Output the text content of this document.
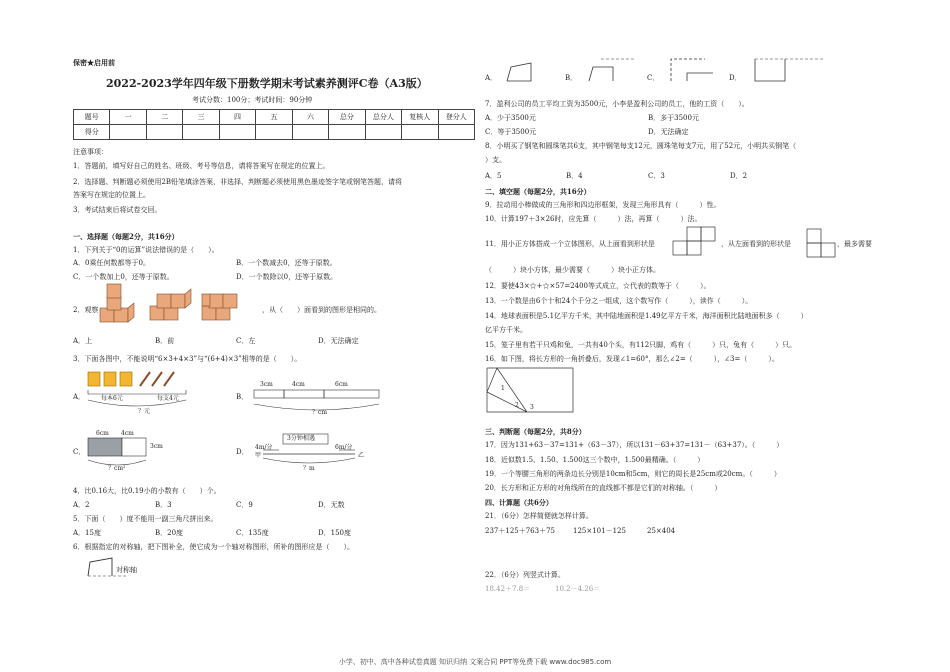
保密★启用前
2022-2023学年四年级下册数学期末考试素养测评C卷（A3版）
考试分数：100分；考试时间：90分钟
题号	一	二	三	四	五	六	总分	总分人	复核人	登分人
得分										
注意事项：
1．答题前，填写好自己的姓名、班级、考号等信息，请将答案写在规定的位置上。
2．选择题、判断题必须使用2B铅笔填涂答案，非选择、判断题必须使用黑色墨迹签字笔或钢笔答题，请将
答案写在规定的位置上。
3．考试结束后将试卷交回。
一、选择题（每题2分，共16分）
1．下列关于“0的运算”说法错误的是（　　）。
A．0乘任何数都等于0。	B．一个数减去0，还等于原数。
C．一个数加上0，还等于原数。	D．一个数除以0，还等于原数。
2．观察	，从（　　）面看到的图形是相同的。
A．上	B．前	C．左	D．无法确定
3．下面各图中，不能说明“6×3+4×3”与“(6+4)×3”相等的是（　　）。
A．	每本6元	每支4元
？元
B．
3cm	4cm	6cm
？cm
C．
6cm 4cm
3cm
？cm²
D．
3分钟相遇
4m/分	6m/分
甲	乙
？m
4．比0.16大，比0.19小的小数有（　　）个。
A．2	B．3	C．9	D．无数
5．下面（　　）度不能用一副三角尺拼出来。
A．15度	B．20度	C．135度	D．150度
6．根据指定的对称轴，把下图补全，使它成为一个轴对称图形，所补的图形应是（　　）。
对称轴
A．	B．	C．	D．
7．盈利公司的员工平均工资为3500元，小李是盈利公司的员工，他的工资（　　）。
A．少于3500元	B．多于3500元
C．等于3500元	D．无法确定
8．小明买了钢笔和圆珠笔共6支，其中钢笔每支12元，圆珠笔每支7元，用了52元，小明共买钢笔（
）支。
A．5	B．4	C．3	D．2
二、填空题（每题2分，共16分）
9．拉动用小棒做成的三角形和四边形框架，发现三角形具有（　　　）性。
10．计算197＋3×26时，应先算（　　　）法，再算（　　　）法。
11．用小正方体搭成一个立体图形，从上面看到形状是	，从左面看到的形状是	，最多需要
（　　　）块小方体，最少需要（　　　）块小正方体。
12．要使43×☆+☆×57=2400等式成立，☆代表的数等于（　　　）。
13．一个数是由6个十和24个千分之一组成，这个数写作（　　　），读作（　　　）。
14．地球表面积是5.1亿平方千米，其中陆地面积是1.49亿平方千米，海洋面积比陆地面积多（　　　）
亿平方千米。
15．笼子里有若干只鸡和兔，一共有40个头，有112只脚，鸡有（　　　）只，兔有（　　　）只。
16．如下图，将长方形的一角折叠后，发现∠1=60°，那么∠2=（　　　），∠3=（　　　）。
1
2 3
三、判断题（每题2分，共8分）
17．因为131+63－37=131+（63－37），所以131－63+37=131－（63+37）。（　　　）
18．近似数1.5、1.50、1.500这三个数中，1.500最精确。（　　　）
19．一个等腰三角形的两条边长分别是10cm和5cm，则它的周长是25cm或20cm。（　　　）
20．长方形和正方形的对角线所在的直线都不都是它们的对称轴。（　　　）
四、计算题（共6分）
21．（6分）怎样简便就怎样计算。
237＋125＋763＋75	125×101－125	25×404
22．（6分）列竖式计算。
18.42＋7.8＝	10.2－4.26＝
小学、初中、高中各种试卷真题 知识归纳 文案合同 PPT等免费下载 www.doc985.com
